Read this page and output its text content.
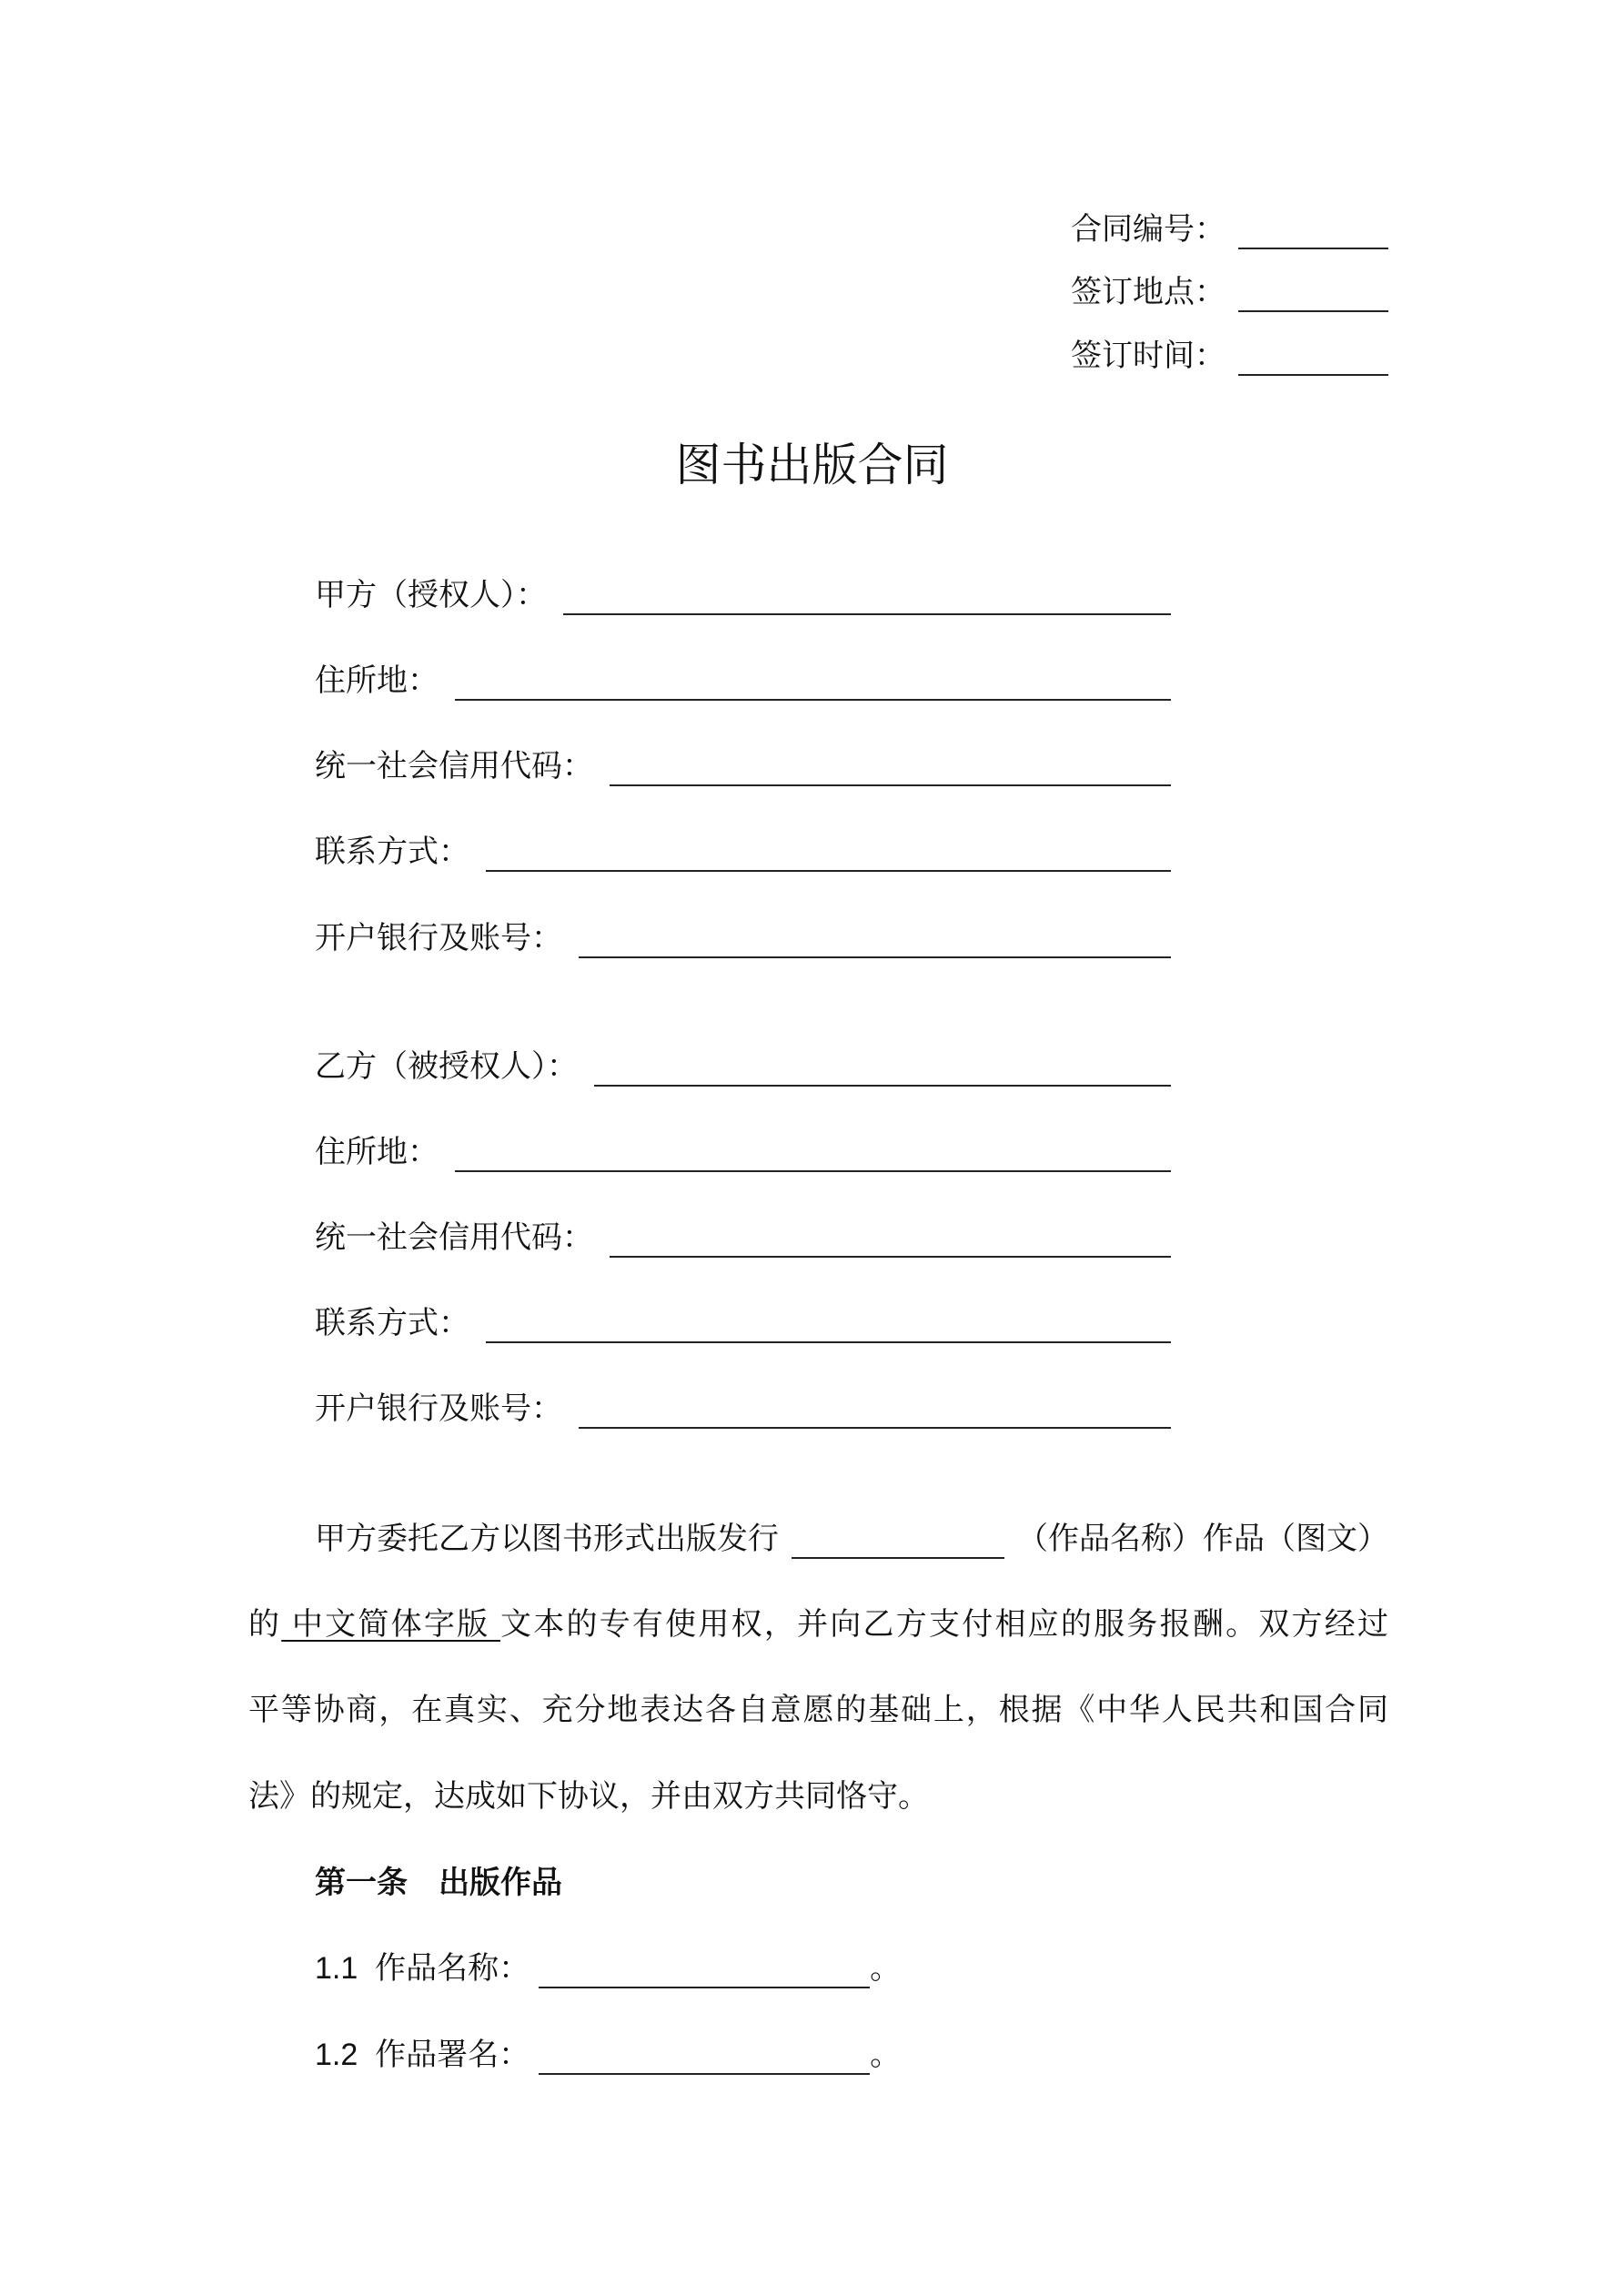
合同编号：
签订地点：
签订时间：
图书出版合同
甲方（授权人）：
住所地：
统一社会信用代码：
联系方式：
开户银行及账号：
乙方（被授权人）：
住所地：
统一社会信用代码：
联系方式：
开户银行及账号：
甲方委托乙方以图书形式出版发行	（作品名称）作品（图文）
的 中文简体字版 文本的专有使用权，并向乙方支付相应的服务报酬。双方经过
平等协商，在真实、充分地表达各自意愿的基础上，根据《中华人民共和国合同
法》的规定，达成如下协议，并由双方共同恪守。
第一条　出版作品
1.1  作品名称：	。
1.2  作品署名：	。
